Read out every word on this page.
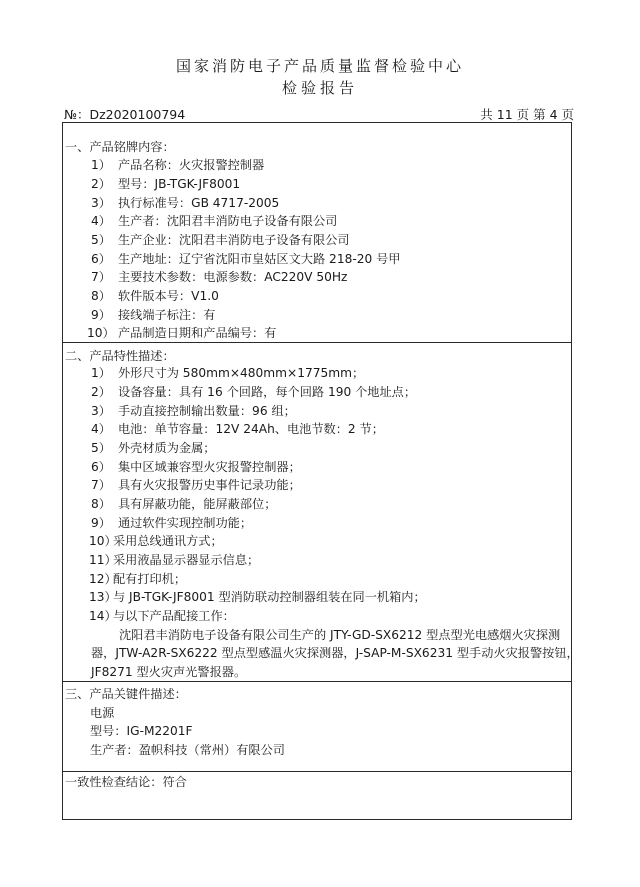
国家消防电子产品质量监督检验中心
检验报告
№：Dz2020100794	共 11 页 第 4 页
一、产品铭牌内容：
1） 产品名称：火灾报警控制器
2） 型号：JB-TGK-JF8001
3） 执行标准号：GB 4717-2005
4） 生产者：沈阳君丰消防电子设备有限公司
5） 生产企业：沈阳君丰消防电子设备有限公司
6） 生产地址：辽宁省沈阳市皇姑区文大路 218-20 号甲
7） 主要技术参数：电源参数：AC220V 50Hz
8） 软件版本号：V1.0
9） 接线端子标注：有
10） 产品制造日期和产品编号：有
二、产品特性描述：
1） 外形尺寸为 580mm×480mm×1775mm；
2） 设备容量：具有 16 个回路，每个回路 190 个地址点；
3） 手动直接控制输出数量：96 组；
4） 电池：单节容量：12V 24Ah、电池节数：2 节；
5） 外壳材质为金属；
6） 集中区域兼容型火灾报警控制器；
7） 具有火灾报警历史事件记录功能；
8） 具有屏蔽功能，能屏蔽部位；
9） 通过软件实现控制功能；
10）
采用总线通讯方式；
11）
采用液晶显示器显示信息；
12）
配有打印机；
13）
与 JB-TGK-JF8001 型消防联动控制器组装在同一机箱内；
14）
与以下产品配接工作：
沈阳君丰消防电子设备有限公司生产的 JTY-GD-SX6212 型点型光电感烟火灾探测
器，JTW-A2R-SX6222 型点型感温火灾探测器，J-SAP-M-SX6231 型手动火灾报警按钮，
JF8271 型火灾声光警报器。
三、产品关键件描述：
电源
型号：IG-M2201F
生产者：盈帜科技（常州）有限公司
一致性检查结论：符合
